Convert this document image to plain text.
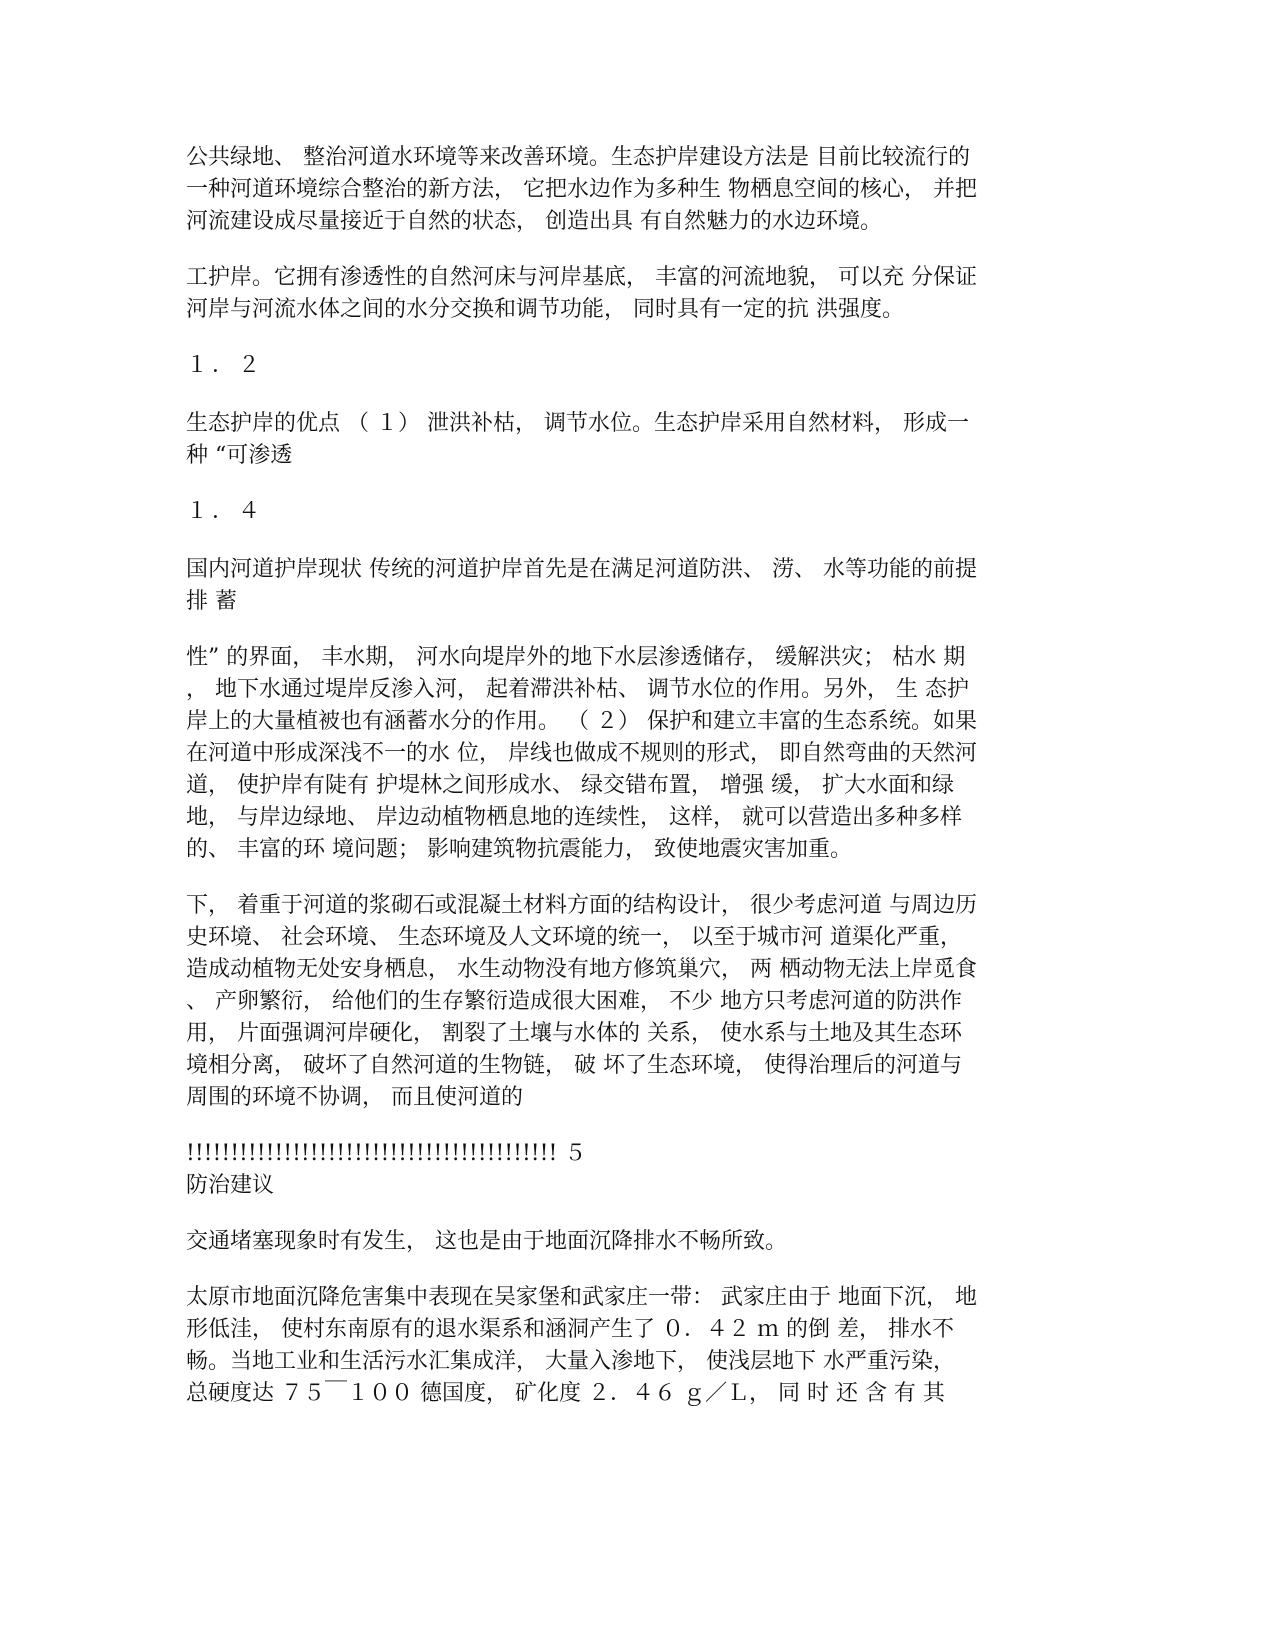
公共绿地、 整治河道水环境等来改善环境。生态护岸建设方法是 目前比较流行的
一种河道环境综合整治的新方法， 它把水边作为多种生 物栖息空间的核心， 并把
河流建设成尽量接近于自然的状态， 创造出具 有自然魅力的水边环境。
工护岸。它拥有渗透性的自然河床与河岸基底， 丰富的河流地貌， 可以充 分保证
河岸与河流水体之间的水分交换和调节功能， 同时具有一定的抗 洪强度。
１．２
生态护岸的优点 （ １） 泄洪补枯， 调节水位。生态护岸采用自然材料， 形成一
种 “可渗透
１．４
国内河道护岸现状 传统的河道护岸首先是在满足河道防洪、 涝、 水等功能的前提
排 蓄
性” 的界面， 丰水期， 河水向堤岸外的地下水层渗透储存， 缓解洪灾； 枯水 期
， 地下水通过堤岸反渗入河， 起着滞洪补枯、 调节水位的作用。另外， 生 态护
岸上的大量植被也有涵蓄水分的作用。 （ ２） 保护和建立丰富的生态系统。如果
在河道中形成深浅不一的水 位， 岸线也做成不规则的形式， 即自然弯曲的天然河
道， 使护岸有陡有 护堤林之间形成水、 绿交错布置， 增强 缓， 扩大水面和绿
地， 与岸边绿地、 岸边动植物栖息地的连续性， 这样， 就可以营造出多种多样
的、 丰富的环 境问题； 影响建筑物抗震能力， 致使地震灾害加重。
下， 着重于河道的浆砌石或混凝土材料方面的结构设计， 很少考虑河道 与周边历
史环境、 社会环境、 生态环境及人文环境的统一， 以至于城市河 道渠化严重，
造成动植物无处安身栖息， 水生动物没有地方修筑巢穴， 两 栖动物无法上岸觅食
、 产卵繁衍， 给他们的生存繁衍造成很大困难， 不少 地方只考虑河道的防洪作
用， 片面强调河岸硬化， 割裂了土壤与水体的 关系， 使水系与土地及其生态环
境相分离， 破坏了自然河道的生物链， 破 坏了生态环境， 使得治理后的河道与
周围的环境不协调， 而且使河道的
!!!!!!!!!!!!!!!!!!!!!!!!!!!!!!!!!!!!!!!!!! ５
防治建议
交通堵塞现象时有发生， 这也是由于地面沉降排水不畅所致。
太原市地面沉降危害集中表现在吴家堡和武家庄一带： 武家庄由于 地面下沉， 地
形低洼， 使村东南原有的退水渠系和涵洞产生了 ０．４２ ｍ 的倒 差， 排水不
畅。当地工业和生活污水汇集成洋， 大量入渗地下， 使浅层地下 水严重污染，
总硬度达 ７５￣１００ 德国度， 矿化度 ２．４６ ｇ／Ｌ， 同 时 还 含 有 其
